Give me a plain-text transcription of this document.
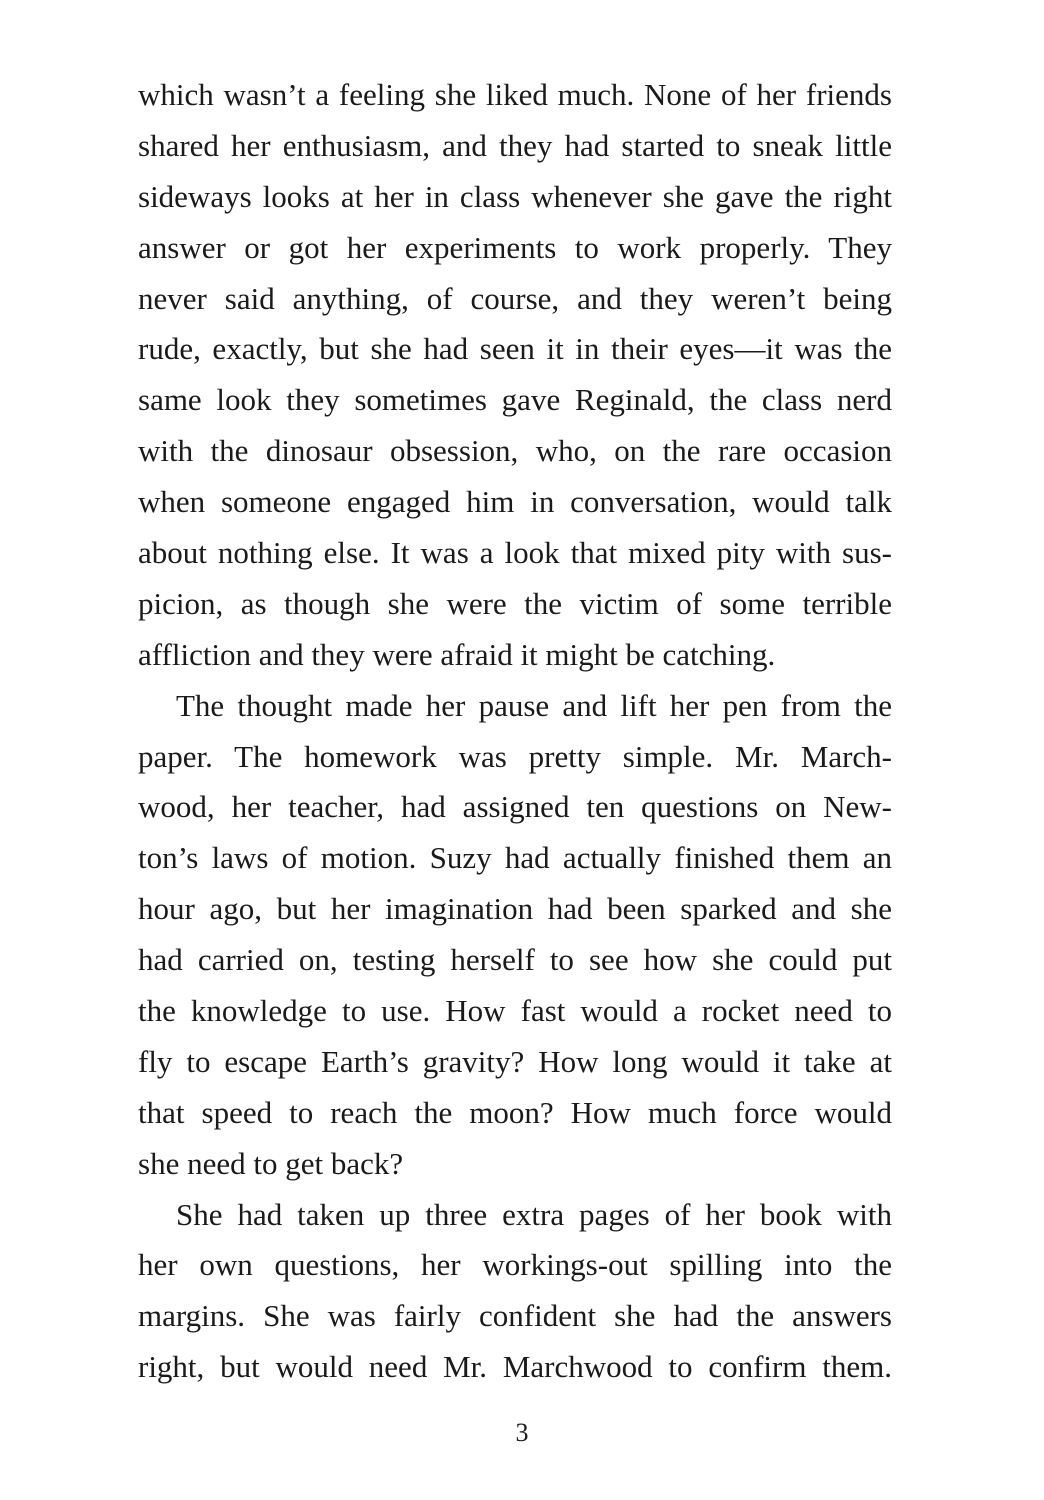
which wasn’t a feeling she liked much. None of her friends
shared her enthusiasm, and they had started to sneak little
sideways looks at her in class whenever she gave the right
answer or got her experiments to work properly. They
never said anything, of course, and they weren’t being
rude, exactly, but she had seen it in their eyes—it was the
same look they sometimes gave Reginald, the class nerd
with the dinosaur obsession, who, on the rare occasion
when someone engaged him in conversation, would talk
about nothing else. It was a look that mixed pity with sus-
picion, as though she were the victim of some terrible
affliction and they were afraid it might be catching.
The thought made her pause and lift her pen from the
paper. The homework was pretty simple. Mr. March-
wood, her teacher, had assigned ten questions on New-
ton’s laws of motion. Suzy had actually finished them an
hour ago, but her imagination had been sparked and she
had carried on, testing herself to see how she could put
the knowledge to use. How fast would a rocket need to
fly to escape Earth’s gravity? How long would it take at
that speed to reach the moon? How much force would
she need to get back?
She had taken up three extra pages of her book with
her own questions, her workings-out spilling into the
margins. She was fairly confident she had the answers
right, but would need Mr. Marchwood to confirm them.
3
